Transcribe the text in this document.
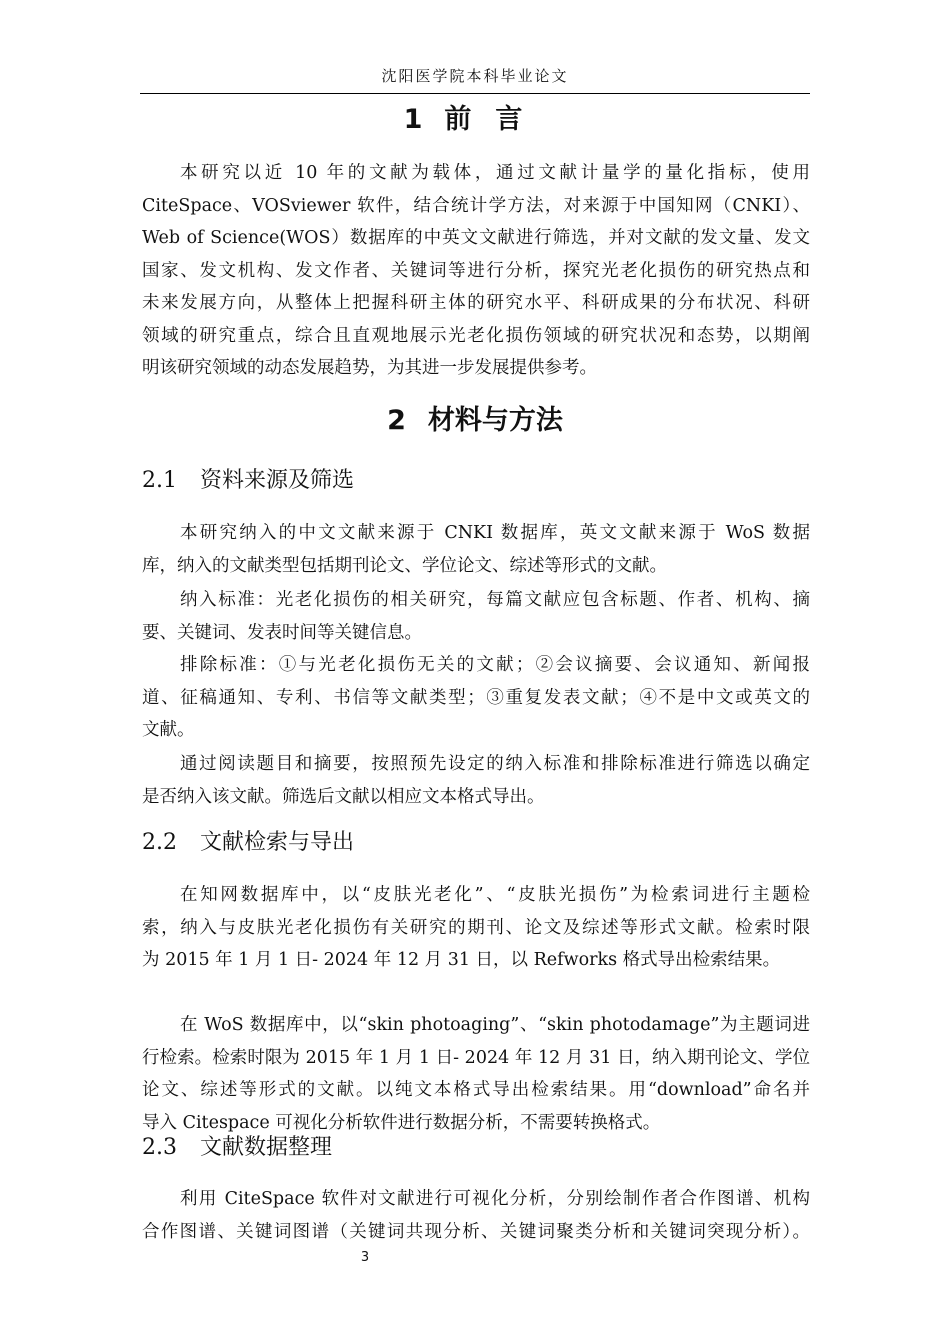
沈阳医学院本科毕业论文
1 前言
本研究以近 10 年的文献为载体，通过文献计量学的量化指标，使用
CiteSpace、VOSviewer 软件，结合统计学方法，对来源于中国知网（CNKI）、
Web of Science(WOS）数据库的中英文文献进行筛选，并对文献的发文量、发文
国家、发文机构、发文作者、关键词等进行分析，探究光老化损伤的研究热点和
未来发展方向，从整体上把握科研主体的研究水平、科研成果的分布状况、科研
领域的研究重点，综合且直观地展示光老化损伤领域的研究状况和态势，以期阐
明该研究领域的动态发展趋势，为其进一步发展提供参考。
2 材料与方法
2.1 资料来源及筛选
本研究纳入的中文文献来源于 CNKI 数据库，英文文献来源于 WoS 数据
库，纳入的文献类型包括期刊论文、学位论文、综述等形式的文献。
纳入标准：光老化损伤的相关研究，每篇文献应包含标题、作者、机构、摘
要、关键词、发表时间等关键信息。
排除标准：①与光老化损伤无关的文献；②会议摘要、会议通知、新闻报
道、征稿通知、专利、书信等文献类型；③重复发表文献；④不是中文或英文的
文献。
通过阅读题目和摘要，按照预先设定的纳入标准和排除标准进行筛选以确定
是否纳入该文献。筛选后文献以相应文本格式导出。
2.2 文献检索与导出
在知网数据库中，以“皮肤光老化”、“皮肤光损伤”为检索词进行主题检
索，纳入与皮肤光老化损伤有关研究的期刊、论文及综述等形式文献。检索时限
为 2015 年 1 月 1 日- 2024 年 12 月 31 日，以 Refworks 格式导出检索结果。
在 WoS 数据库中，以“skin photoaging”、“skin photodamage”为主题词进
行检索。检索时限为 2015 年 1 月 1 日- 2024 年 12 月 31 日，纳入期刊论文、学位
论文、综述等形式的文献。以纯文本格式导出检索结果。用“download”命名并
导入 Citespace 可视化分析软件进行数据分析，不需要转换格式。
2.3 文献数据整理
利用 CiteSpace 软件对文献进行可视化分析，分别绘制作者合作图谱、机构
合作图谱、关键词图谱（关键词共现分析、关键词聚类分析和关键词突现分析）。
3
